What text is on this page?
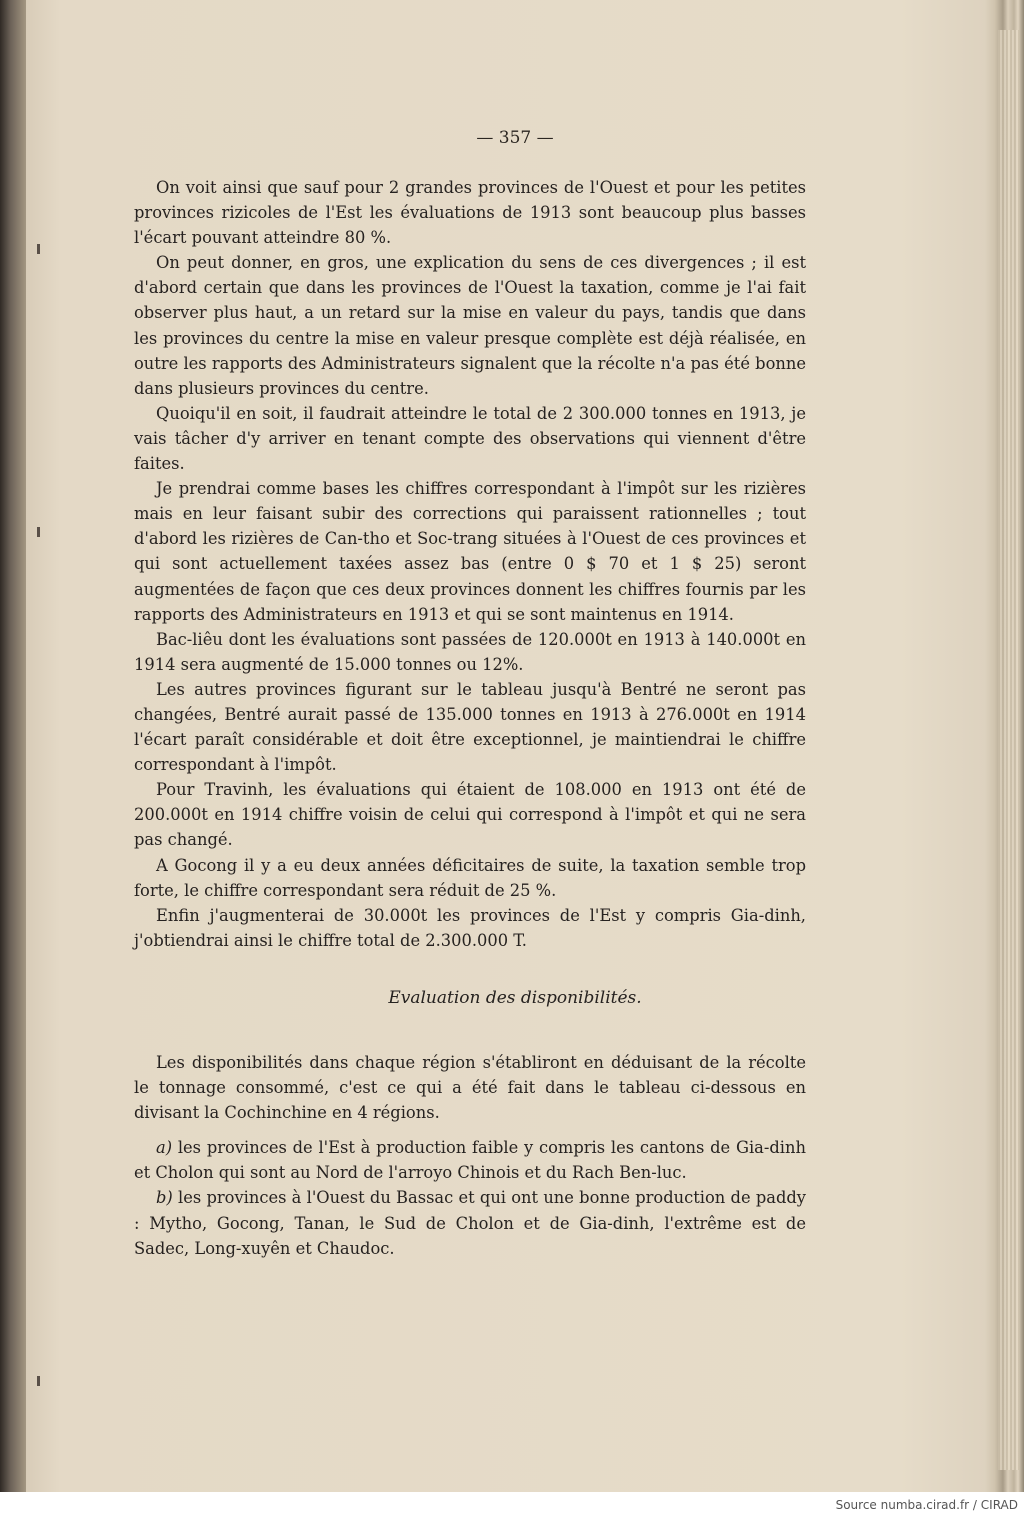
— 357 —

On voit ainsi que sauf pour 2 grandes provinces de l'Ouest et pour les petites provinces rizicoles de l'Est les évaluations de 1913 sont beaucoup plus basses l'écart pouvant atteindre 80 %.

On peut donner, en gros, une explication du sens de ces divergences ; il est d'abord certain que dans les provinces de l'Ouest la taxation, comme je l'ai fait observer plus haut, a un retard sur la mise en valeur du pays, tandis que dans les provinces du centre la mise en valeur presque complète est déjà réalisée, en outre les rapports des Administrateurs signalent que la récolte n'a pas été bonne dans plusieurs provinces du centre.

Quoiqu'il en soit, il faudrait atteindre le total de 2 300.000 tonnes en 1913, je vais tâcher d'y arriver en tenant compte des observations qui viennent d'être faites.

Je prendrai comme bases les chiffres correspondant à l'impôt sur les rizières mais en leur faisant subir des corrections qui paraissent rationnelles ; tout d'abord les rizières de Can-tho et Soc-trang situées à l'Ouest de ces provinces et qui sont actuellement taxées assez bas (entre 0 $ 70 et 1 $ 25) seront augmentées de façon que ces deux provinces donnent les chiffres fournis par les rapports des Administrateurs en 1913 et qui se sont maintenus en 1914.

Bac-liêu dont les évaluations sont passées de 120.000t en 1913 à 140.000t en 1914 sera augmenté de 15.000 tonnes ou 12%.

Les autres provinces figurant sur le tableau jusqu'à Bentré ne seront pas changées, Bentré aurait passé de 135.000 tonnes en 1913 à 276.000t en 1914 l'écart paraît considérable et doit être exceptionnel, je maintiendrai le chiffre correspondant à l'impôt.

Pour Travinh, les évaluations qui étaient de 108.000 en 1913 ont été de 200.000t en 1914 chiffre voisin de celui qui correspond à l'impôt et qui ne sera pas changé.

A Gocong il y a eu deux années déficitaires de suite, la taxation semble trop forte, le chiffre correspondant sera réduit de 25 %.

Enfin j'augmenterai de 30.000t les provinces de l'Est y compris Gia-dinh, j'obtiendrai ainsi le chiffre total de 2.300.000 T.

Evaluation des disponibilités.

Les disponibilités dans chaque région s'établiront en déduisant de la récolte le tonnage consommé, c'est ce qui a été fait dans le tableau ci-dessous en divisant la Cochinchine en 4 régions.

a) les provinces de l'Est à production faible y compris les cantons de Gia-dinh et Cholon qui sont au Nord de l'arroyo Chinois et du Rach Ben-luc.

b) les provinces à l'Ouest du Bassac et qui ont une bonne production de paddy : Mytho, Gocong, Tanan, le Sud de Cholon et de Gia-dinh, l'extrême est de Sadec, Long-xuyên et Chaudoc.

Source numba.cirad.fr / CIRAD
